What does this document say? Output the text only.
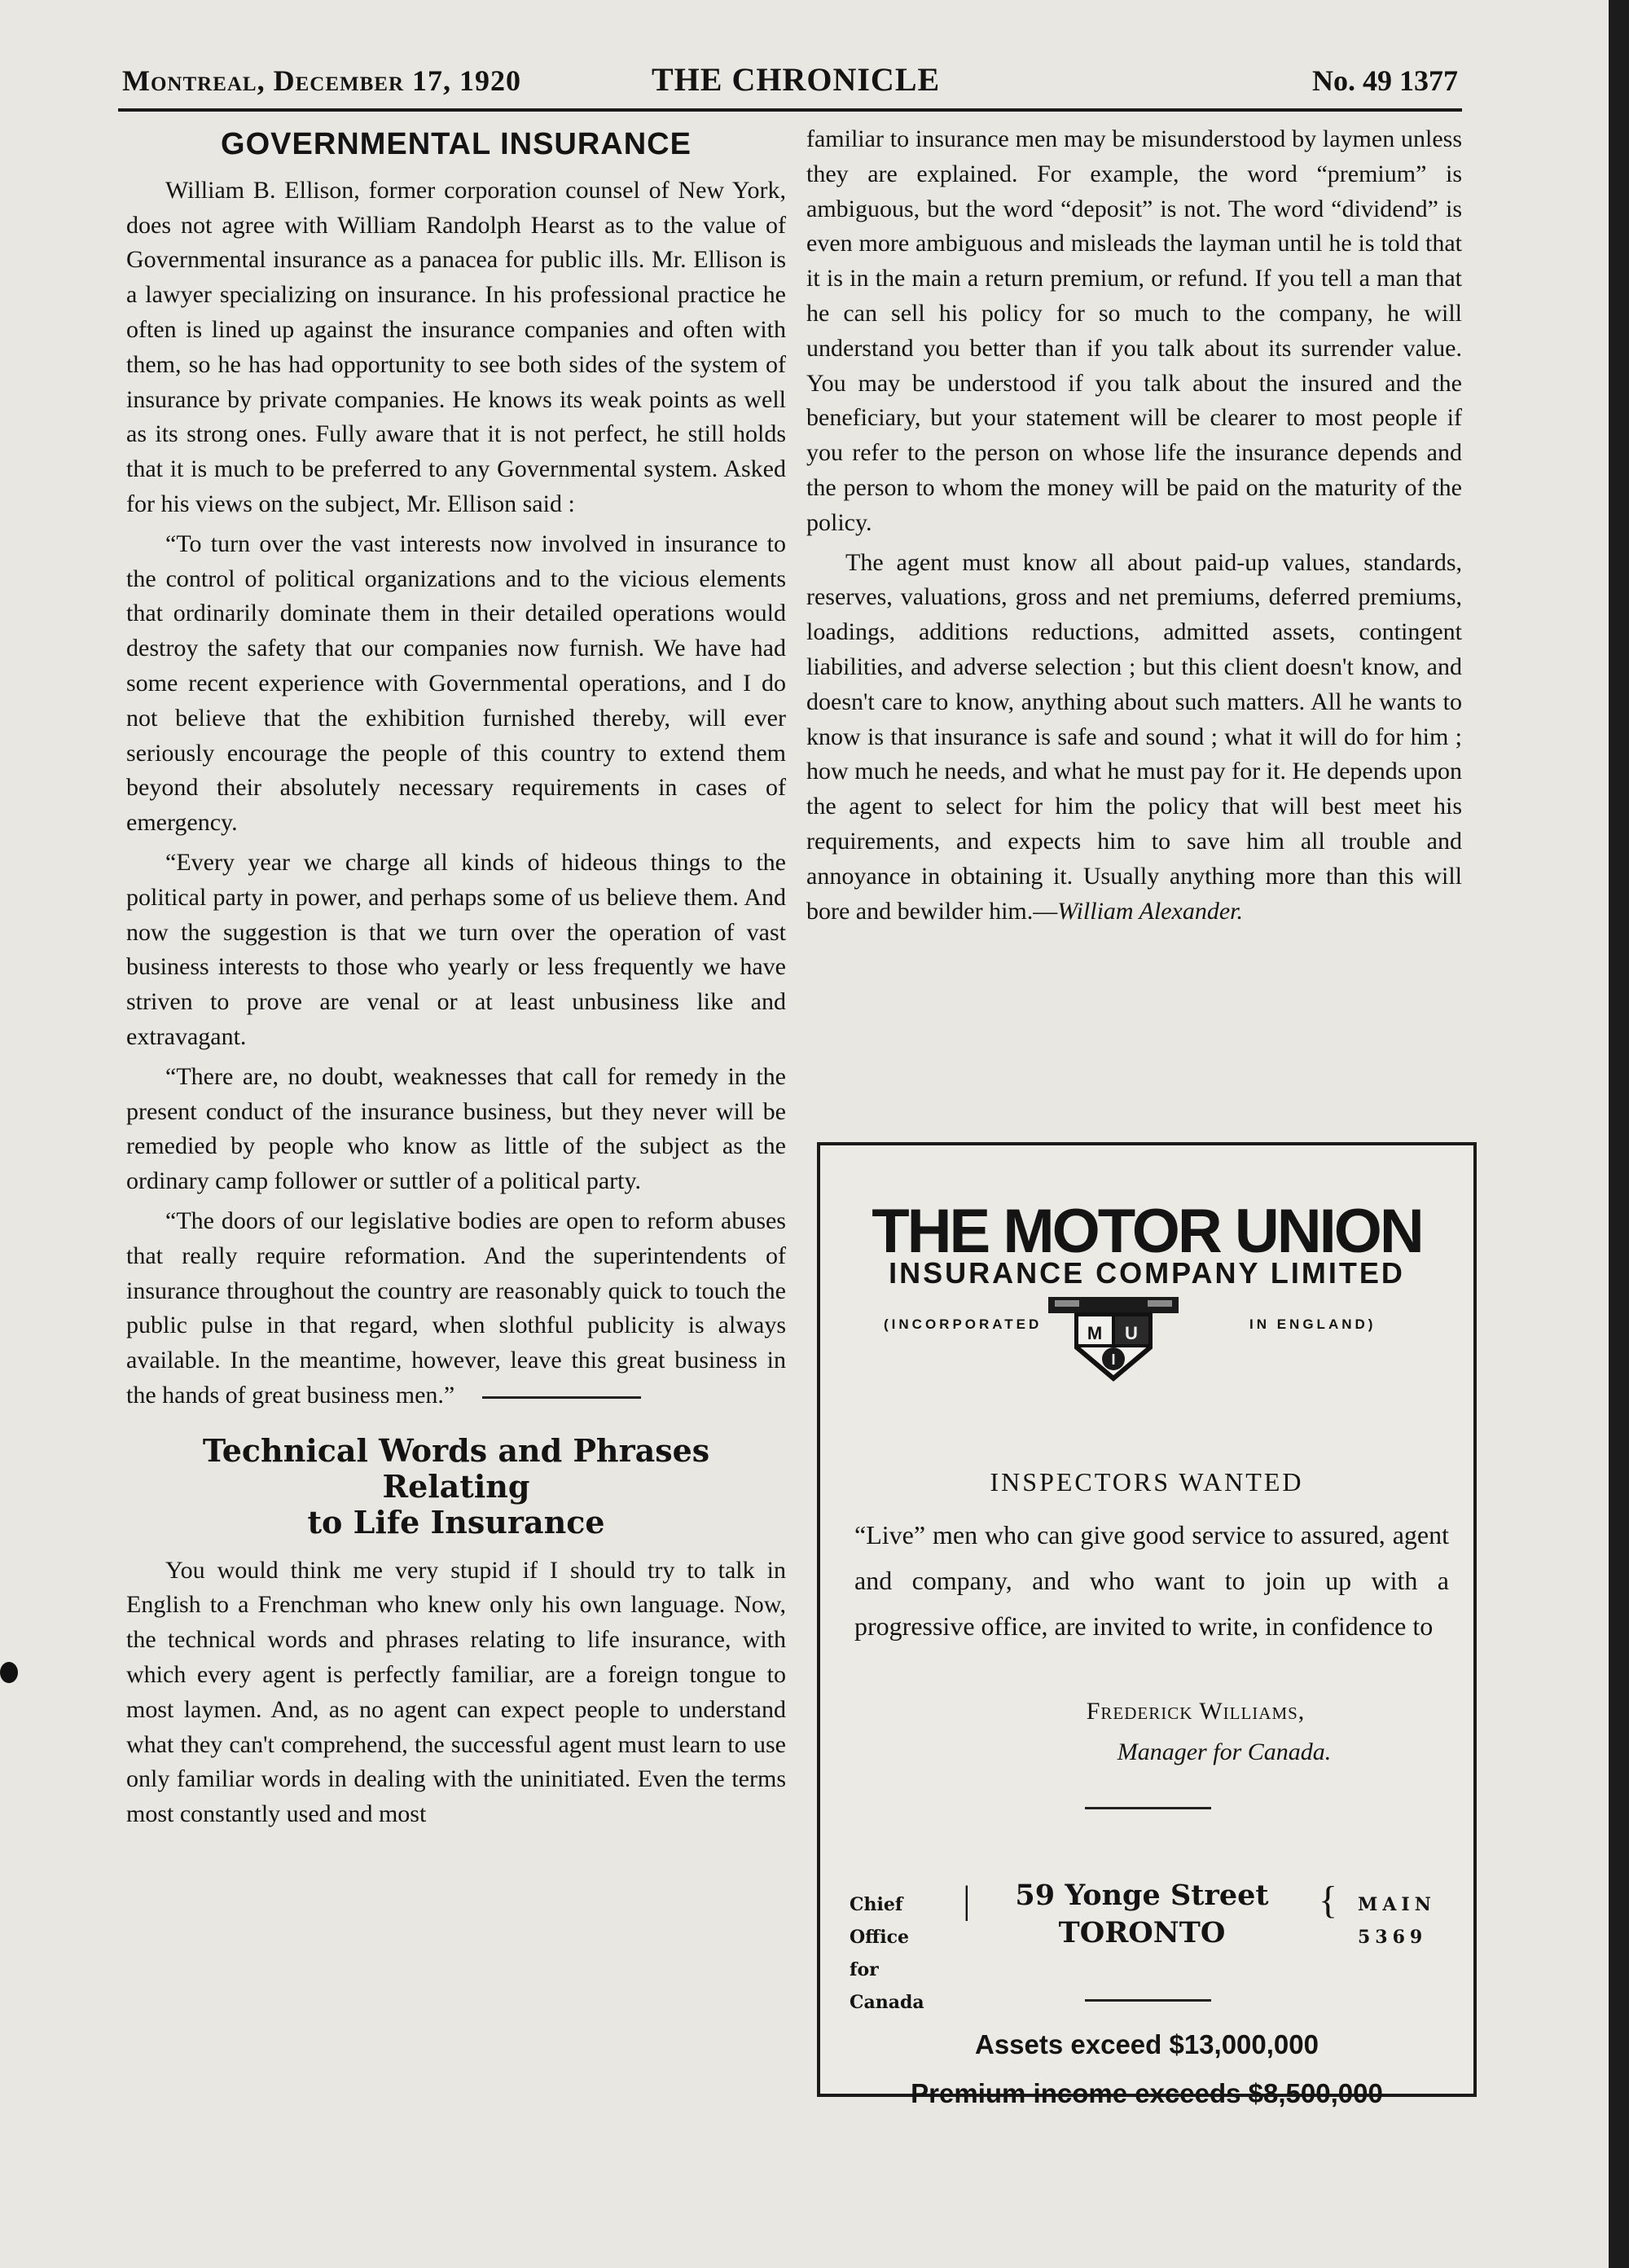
Montreal, December 17, 1920	THE CHRONICLE	No. 49 1377
GOVERNMENTAL INSURANCE

William B. Ellison, former corporation counsel of New York, does not agree with William Randolph Hearst as to the value of Governmental insurance as a panacea for public ills. Mr. Ellison is a lawyer specializing on insurance. In his professional practice he often is lined up against the insurance companies and often with them, so he has had opportunity to see both sides of the system of insurance by private companies. He knows its weak points as well as its strong ones. Fully aware that it is not perfect, he still holds that it is much to be preferred to any Governmental system. Asked for his views on the subject, Mr. Ellison said :

“To turn over the vast interests now involved in insurance to the control of political organizations and to the vicious elements that ordinarily dominate them in their detailed operations would destroy the safety that our companies now furnish. We have had some recent experience with Governmental operations, and I do not believe that the exhibition furnished thereby, will ever seriously encourage the people of this country to extend them beyond their absolutely necessary requirements in cases of emergency.

“Every year we charge all kinds of hideous things to the political party in power, and perhaps some of us believe them. And now the suggestion is that we turn over the operation of vast business interests to those who yearly or less frequently we have striven to prove are venal or at least unbusiness like and extravagant.

“There are, no doubt, weaknesses that call for remedy in the present conduct of the insurance business, but they never will be remedied by people who know as little of the subject as the ordinary camp follower or suttler of a political party.

“The doors of our legislative bodies are open to reform abuses that really require reformation. And the superintendents of insurance throughout the country are reasonably quick to touch the public pulse in that regard, when slothful publicity is always available. In the meantime, however, leave this great business in the hands of great business men.”

Technical Words and Phrases Relating
to Life Insurance

You would think me very stupid if I should try to talk in English to a Frenchman who knew only his own language. Now, the technical words and phrases relating to life insurance, with which every agent is perfectly familiar, are a foreign tongue to most laymen. And, as no agent can expect people to understand what they can't comprehend, the successful agent must learn to use only familiar words in dealing with the uninitiated. Even the terms most constantly used and most

familiar to insurance men may be misunderstood by laymen unless they are explained. For example, the word “premium” is ambiguous, but the word “deposit” is not. The word “dividend” is even more ambiguous and misleads the layman until he is told that it is in the main a return premium, or refund. If you tell a man that he can sell his policy for so much to the company, he will understand you better than if you talk about its surrender value. You may be understood if you talk about the insured and the beneficiary, but your statement will be clearer to most people if you refer to the person on whose life the insurance depends and the person to whom the money will be paid on the maturity of the policy.

The agent must know all about paid-up values, standards, reserves, valuations, gross and net premiums, deferred premiums, loadings, additions reductions, admitted assets, contingent liabilities, and adverse selection ; but this client doesn't know, and doesn't care to know, anything about such matters. All he wants to know is that insurance is safe and sound ; what it will do for him ; how much he needs, and what he must pay for it. He depends upon the agent to select for him the policy that will best meet his requirements, and expects him to save him all trouble and annoyance in obtaining it. Usually anything more than this will bore and bewilder him.—William Alexander.

THE MOTOR UNION
INSURANCE COMPANY LIMITED
(INCORPORATED	IN ENGLAND)
M U
I
INSPECTORS WANTED

“Live” men who can give good service to assured, agent and company, and who want to join up with a progressive office, are invited to write, in confidence to

Frederick Williams,
Manager for Canada.
Chief Office
for Canada
|	59 Yonge Street
TORONTO
{ MAIN
5369
Assets exceed $13,000,000
Premium income exceeds $8,500,000
